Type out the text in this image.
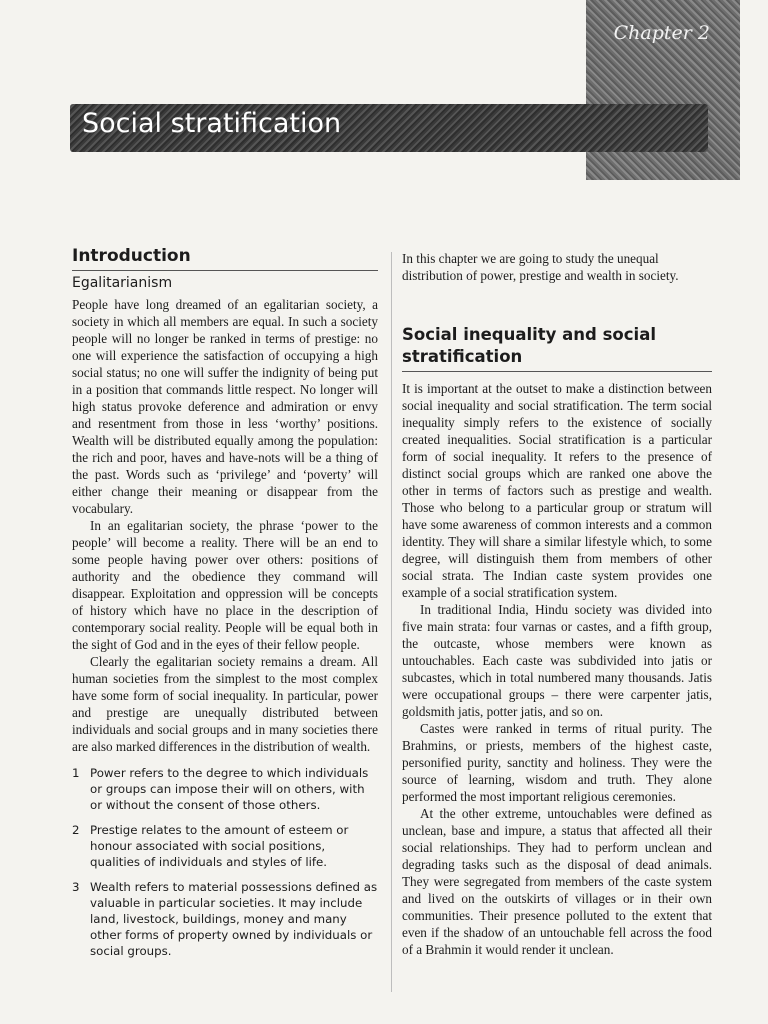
Chapter 2
Social stratification
Introduction
Egalitarianism

People have long dreamed of an egalitarian society, a society in which all members are equal. In such a society people will no longer be ranked in terms of prestige: no one will experience the satisfaction of occupying a high social status; no one will suffer the indignity of being put in a position that commands little respect. No longer will high status provoke deference and admiration or envy and resentment from those in less ‘worthy’ positions. Wealth will be distributed equally among the population: the rich and poor, haves and have-nots will be a thing of the past. Words such as ‘privilege’ and ‘poverty’ will either change their meaning or disappear from the vocabulary.

In an egalitarian society, the phrase ‘power to the people’ will become a reality. There will be an end to some people having power over others: positions of authority and the obedience they command will disappear. Exploitation and oppression will be concepts of history which have no place in the description of contemporary social reality. People will be equal both in the sight of God and in the eyes of their fellow people.

Clearly the egalitarian society remains a dream. All human societies from the simplest to the most complex have some form of social inequality. In particular, power and prestige are unequally distributed between individuals and social groups and in many societies there are also marked differences in the distribution of wealth.

1 Power refers to the degree to which individuals or groups can impose their will on others, with or without the consent of those others.
2 Prestige relates to the amount of esteem or honour associated with social positions, qualities of individuals and styles of life.
3 Wealth refers to material possessions defined as valuable in particular societies. It may include land, livestock, buildings, money and many other forms of property owned by individuals or social groups.

In this chapter we are going to study the unequal distribution of power, prestige and wealth in society.

Social inequality and social stratification

It is important at the outset to make a distinction between social inequality and social stratification. The term social inequality simply refers to the existence of socially created inequalities. Social stratification is a particular form of social inequality. It refers to the presence of distinct social groups which are ranked one above the other in terms of factors such as prestige and wealth. Those who belong to a particular group or stratum will have some awareness of common interests and a common identity. They will share a similar lifestyle which, to some degree, will distinguish them from members of other social strata. The Indian caste system provides one example of a social stratification system.

In traditional India, Hindu society was divided into five main strata: four varnas or castes, and a fifth group, the outcaste, whose members were known as untouchables. Each caste was subdivided into jatis or subcastes, which in total numbered many thousands. Jatis were occupational groups – there were carpenter jatis, goldsmith jatis, potter jatis, and so on.

Castes were ranked in terms of ritual purity. The Brahmins, or priests, members of the highest caste, personified purity, sanctity and holiness. They were the source of learning, wisdom and truth. They alone performed the most important religious ceremonies.

At the other extreme, untouchables were defined as unclean, base and impure, a status that affected all their social relationships. They had to perform unclean and degrading tasks such as the disposal of dead animals. They were segregated from members of the caste system and lived on the outskirts of villages or in their own communities. Their presence polluted to the extent that even if the shadow of an untouchable fell across the food of a Brahmin it would render it unclean.
